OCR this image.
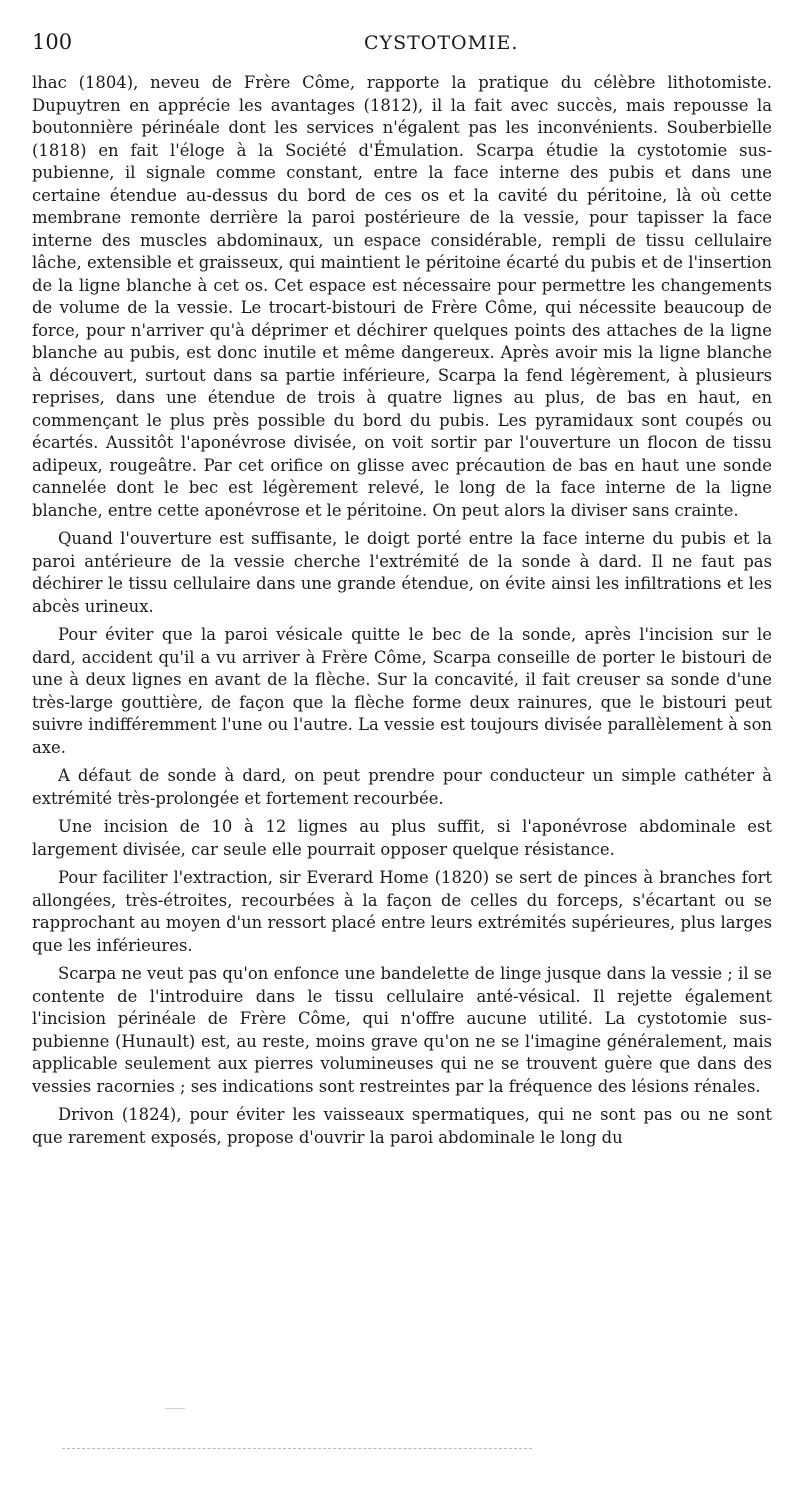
100	CYSTOTOMIE.

lhac (1804), neveu de Frère Côme, rapporte la pratique du célèbre lithotomiste. Dupuytren en apprécie les avantages (1812), il la fait avec succès, mais repousse la boutonnière périnéale dont les services n'égalent pas les inconvénients. Souberbielle (1818) en fait l'éloge à la Société d'Émulation. Scarpa étudie la cystotomie sus-pubienne, il signale comme constant, entre la face interne des pubis et dans une certaine étendue au-dessus du bord de ces os et la cavité du péritoine, là où cette membrane remonte derrière la paroi postérieure de la vessie, pour tapisser la face interne des muscles abdominaux, un espace considérable, rempli de tissu cellulaire lâche, extensible et graisseux, qui maintient le péritoine écarté du pubis et de l'insertion de la ligne blanche à cet os. Cet espace est nécessaire pour permettre les changements de volume de la vessie. Le trocart-bistouri de Frère Côme, qui nécessite beaucoup de force, pour n'arriver qu'à déprimer et déchirer quelques points des attaches de la ligne blanche au pubis, est donc inutile et même dangereux. Après avoir mis la ligne blanche à découvert, surtout dans sa partie inférieure, Scarpa la fend légèrement, à plusieurs reprises, dans une étendue de trois à quatre lignes au plus, de bas en haut, en commençant le plus près possible du bord du pubis. Les pyramidaux sont coupés ou écartés. Aussitôt l'aponévrose divisée, on voit sortir par l'ouverture un flocon de tissu adipeux, rougeâtre. Par cet orifice on glisse avec précaution de bas en haut une sonde cannelée dont le bec est légèrement relevé, le long de la face interne de la ligne blanche, entre cette aponévrose et le péritoine. On peut alors la diviser sans crainte.

Quand l'ouverture est suffisante, le doigt porté entre la face interne du pubis et la paroi antérieure de la vessie cherche l'extrémité de la sonde à dard. Il ne faut pas déchirer le tissu cellulaire dans une grande étendue, on évite ainsi les infiltrations et les abcès urineux.

Pour éviter que la paroi vésicale quitte le bec de la sonde, après l'incision sur le dard, accident qu'il a vu arriver à Frère Côme, Scarpa conseille de porter le bistouri de une à deux lignes en avant de la flèche. Sur la concavité, il fait creuser sa sonde d'une très-large gouttière, de façon que la flèche forme deux rainures, que le bistouri peut suivre indifféremment l'une ou l'autre. La vessie est toujours divisée parallèlement à son axe.

A défaut de sonde à dard, on peut prendre pour conducteur un simple cathéter à extrémité très-prolongée et fortement recourbée.

Une incision de 10 à 12 lignes au plus suffit, si l'aponévrose abdominale est largement divisée, car seule elle pourrait opposer quelque résistance.

Pour faciliter l'extraction, sir Everard Home (1820) se sert de pinces à branches fort allongées, très-étroites, recourbées à la façon de celles du forceps, s'écartant ou se rapprochant au moyen d'un ressort placé entre leurs extrémités supérieures, plus larges que les inférieures.

Scarpa ne veut pas qu'on enfonce une bandelette de linge jusque dans la vessie ; il se contente de l'introduire dans le tissu cellulaire anté-vésical. Il rejette également l'incision périnéale de Frère Côme, qui n'offre aucune utilité. La cystotomie sus-pubienne (Hunault) est, au reste, moins grave qu'on ne se l'imagine généralement, mais applicable seulement aux pierres volumineuses qui ne se trouvent guère que dans des vessies racornies ; ses indications sont restreintes par la fréquence des lésions rénales.

Drivon (1824), pour éviter les vaisseaux spermatiques, qui ne sont pas ou ne sont que rarement exposés, propose d'ouvrir la paroi abdominale le long du
